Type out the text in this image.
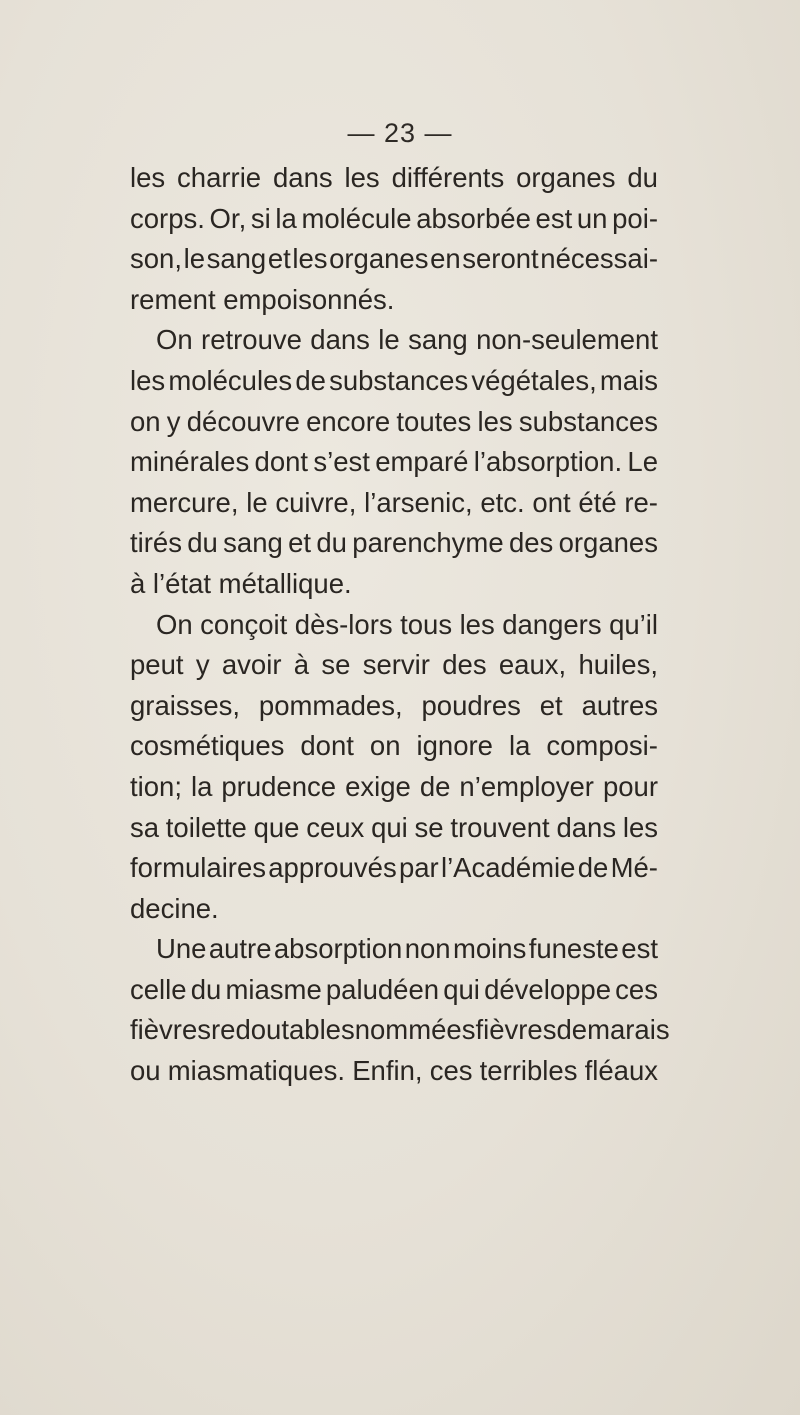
— 23 —
les charrie dans les différents organes du
corps. Or, si la molécule absorbée est un poi-
son, le sang et les organes en seront nécessai-
rement empoisonnés.
On retrouve dans le sang non-seulement
les molécules de substances végétales, mais
on y découvre encore toutes les substances
minérales dont s’est emparé l’absorption. Le
mercure, le cuivre, l’arsenic, etc. ont été re-
tirés du sang et du parenchyme des organes
à l’état métallique.
On conçoit dès-lors tous les dangers qu’il
peut y avoir à se servir des eaux, huiles,
graisses, pommades, poudres et autres
cosmétiques dont on ignore la composi-
tion; la prudence exige de n’employer pour
sa toilette que ceux qui se trouvent dans les
formulaires approuvés par l’Académie de Mé-
decine.
Une autre absorption non moins funeste est
celle du miasme paludéen qui développe ces
fièvres redoutables nommées fièvres de marais
ou miasmatiques. Enfin, ces terribles fléaux
